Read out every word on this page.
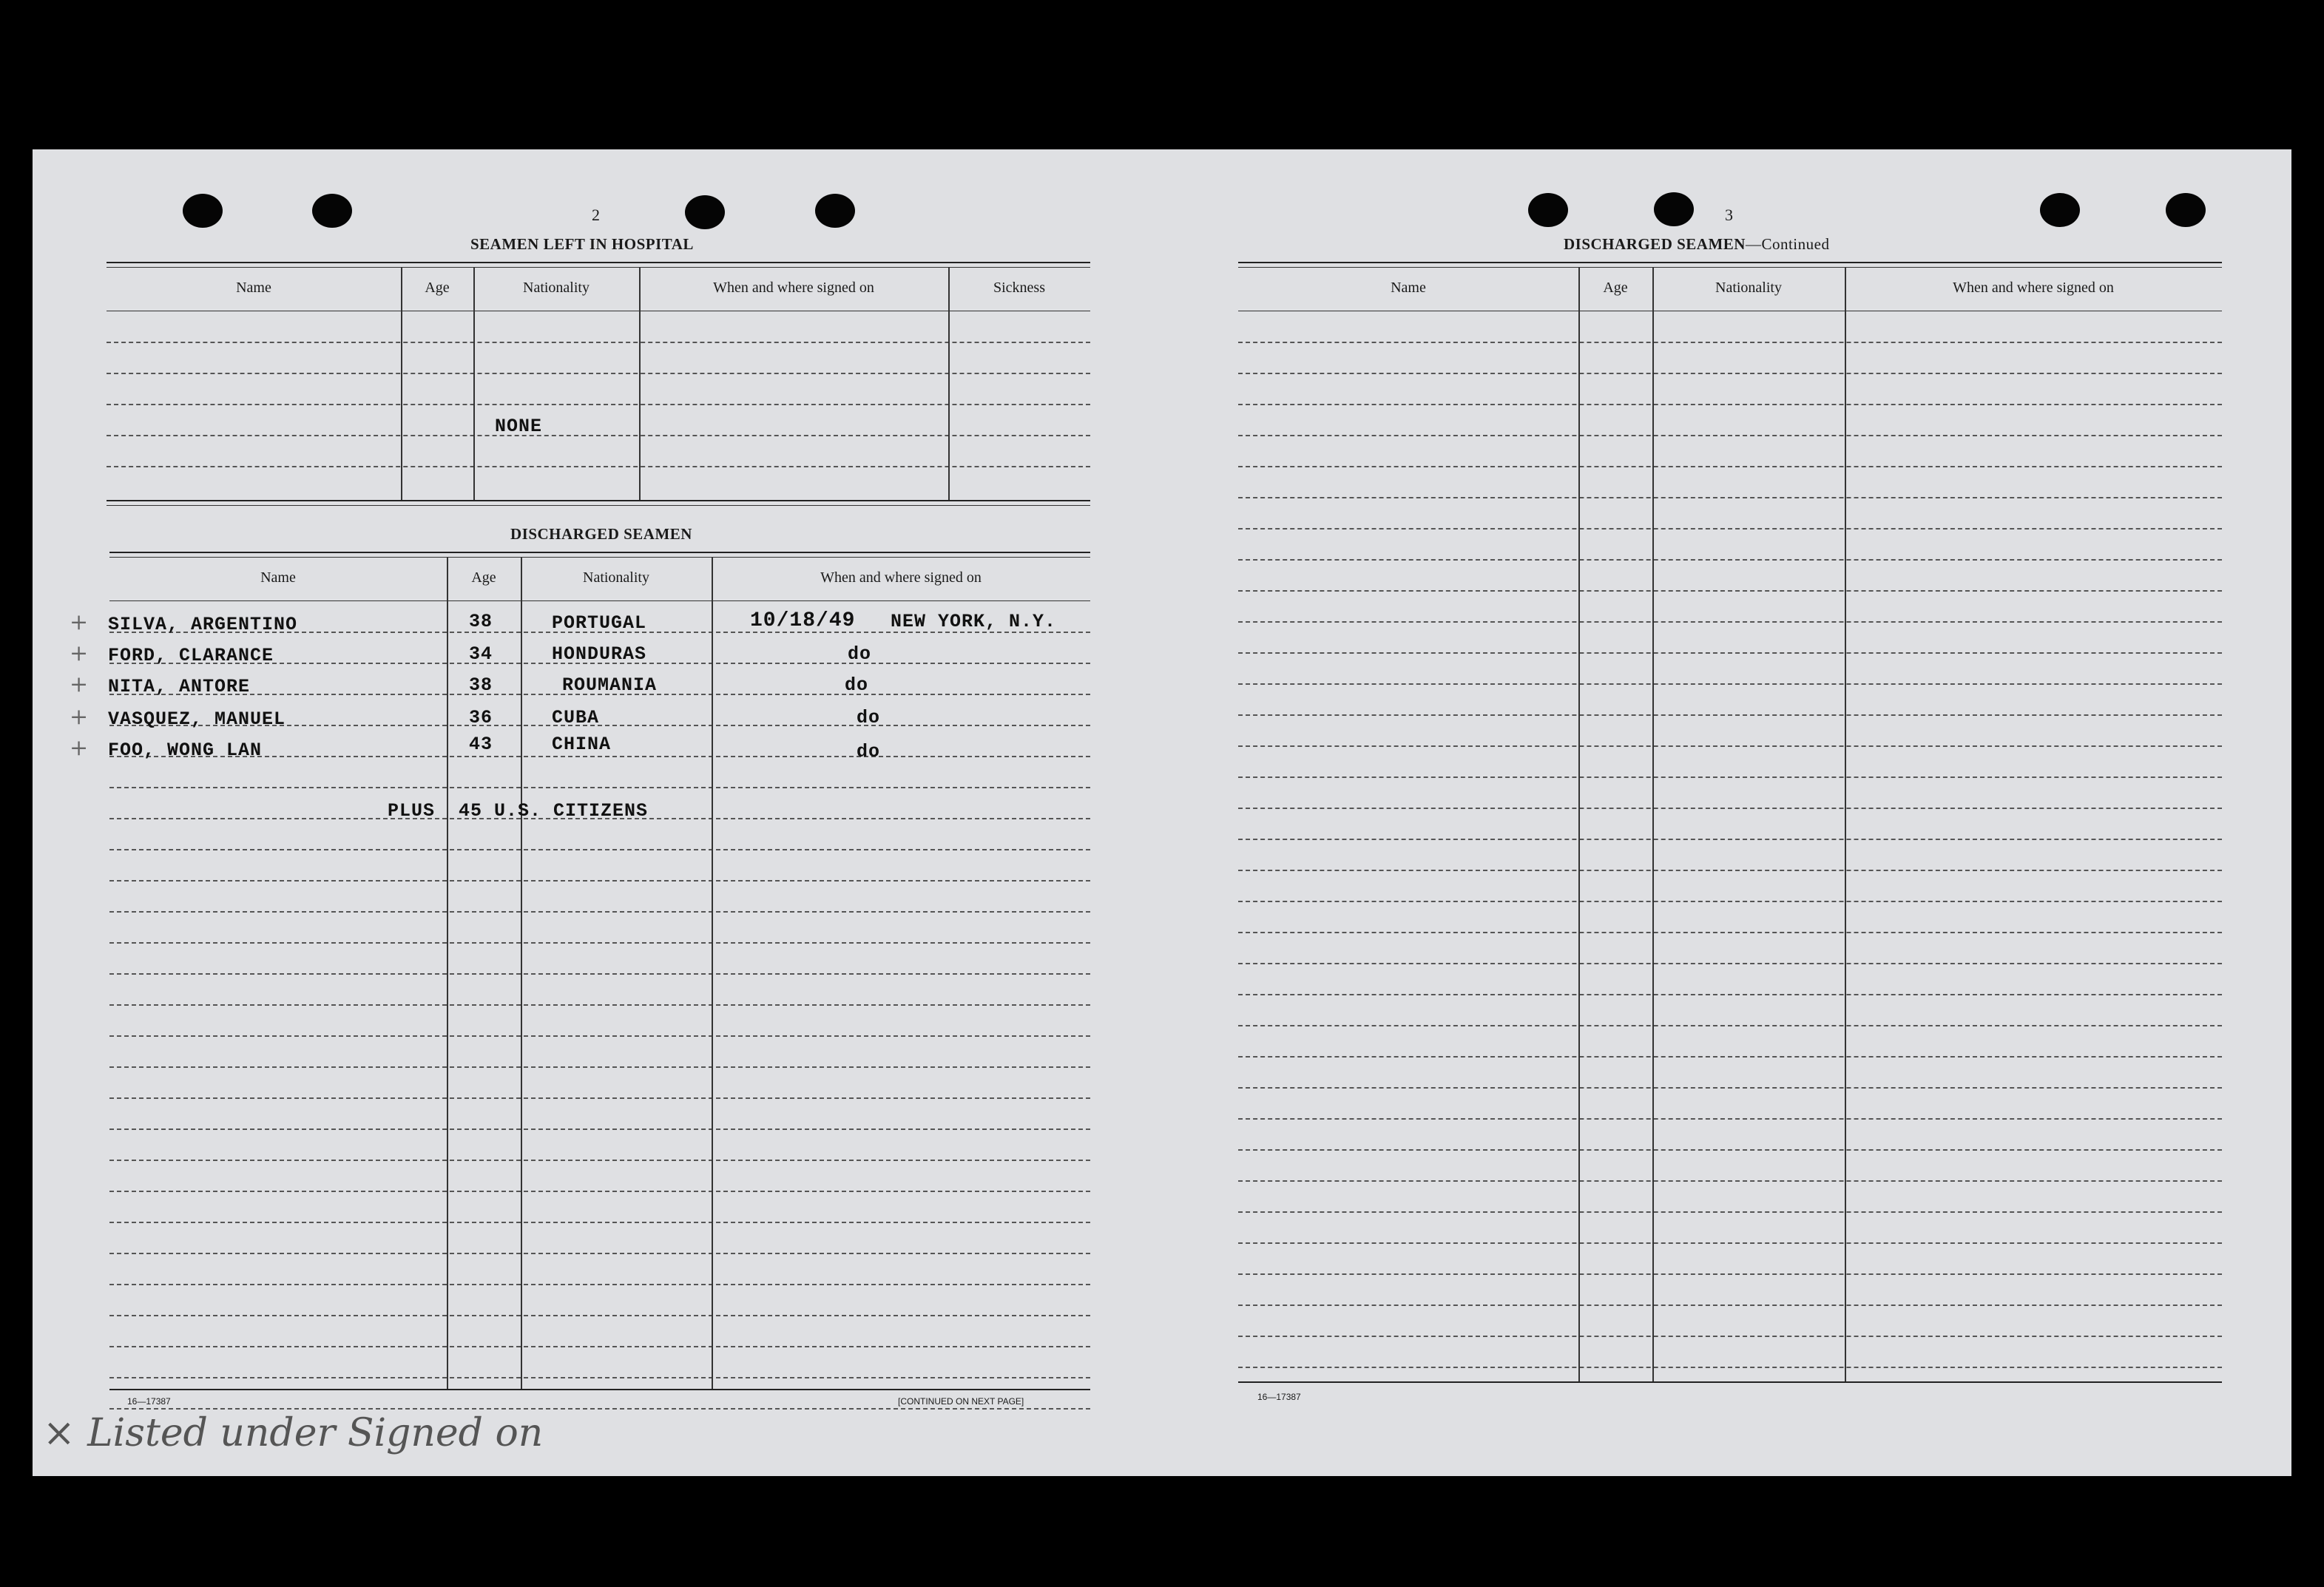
2
SEAMEN LEFT IN HOSPITAL
Name	Age	Nationality	When and where signed on	Sickness
NONE
DISCHARGED SEAMEN
Name	Age	Nationality	When and where signed on
+ SILVA, ARGENTINO	38	PORTUGAL	10/18/49 NEW YORK, N.Y.
+ FORD, CLARANCE	34	HONDURAS	do
+ NITA, ANTORE	38	ROUMANIA	do
+ VASQUEZ, MANUEL	36	CUBA	do
+ FOO, WONG LAN	43	CHINA	do
PLUS 45 U.S. CITIZENS
16—17387	[CONTINUED ON NEXT PAGE]
× Listed under Signed on
3
DISCHARGED SEAMEN—Continued
Name	Age	Nationality	When and where signed on
16—17387
